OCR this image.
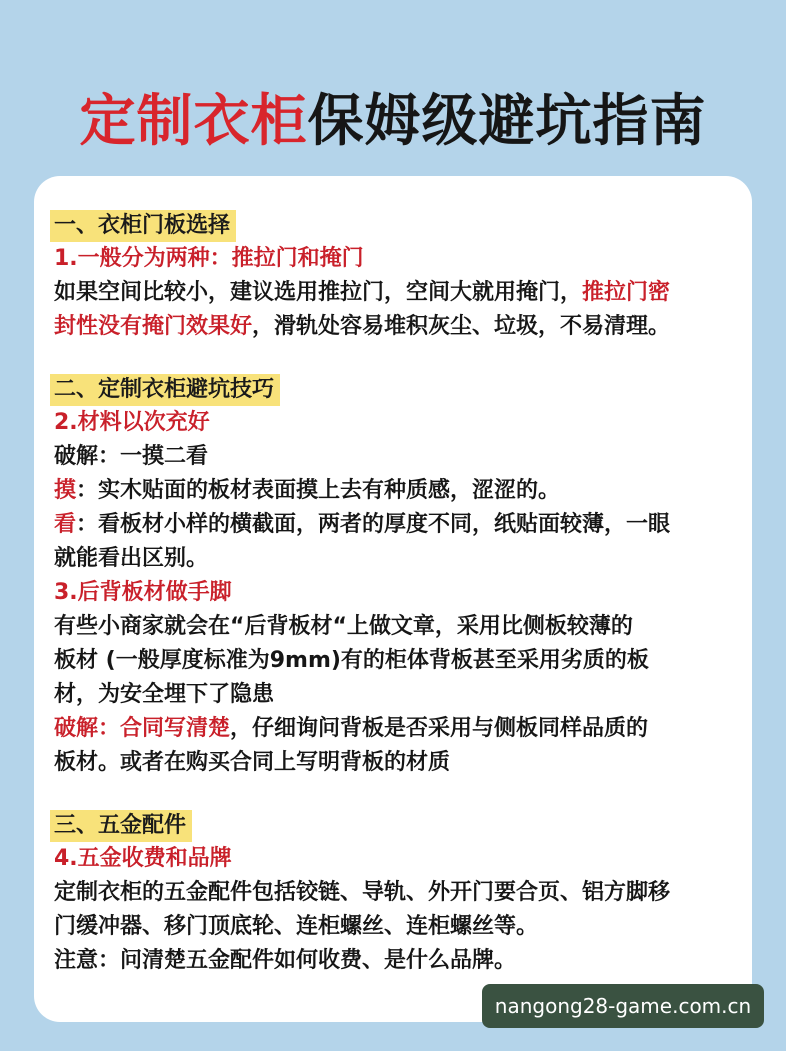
定制衣柜保姆级避坑指南
一、衣柜门板选择
1.一般分为两种：推拉门和掩门
如果空间比较小，建议选用推拉门，空间大就用掩门，推拉门密
封性没有掩门效果好，滑轨处容易堆积灰尘、垃圾，不易清理。
二、定制衣柜避坑技巧
2.材料以次充好
破解：一摸二看
摸：实木贴面的板材表面摸上去有种质感，涩涩的。
看：看板材小样的横截面，两者的厚度不同，纸贴面较薄，一眼
就能看出区别。
3.后背板材做手脚
有些小商家就会在“后背板材“上做文章，采用比侧板较薄的
板材 (一般厚度标准为9mm)有的柜体背板甚至采用劣质的板
材，为安全埋下了隐患
破解：合同写清楚，仔细询问背板是否采用与侧板同样品质的
板材。或者在购买合同上写明背板的材质
三、五金配件
4.五金收费和品牌
定制衣柜的五金配件包括铰链、导轨、外开门要合页、铝方脚移
门缓冲器、移门顶底轮、连柜螺丝、连柜螺丝等。
注意：问清楚五金配件如何收费、是什么品牌。
nangong28-game.com.cn
